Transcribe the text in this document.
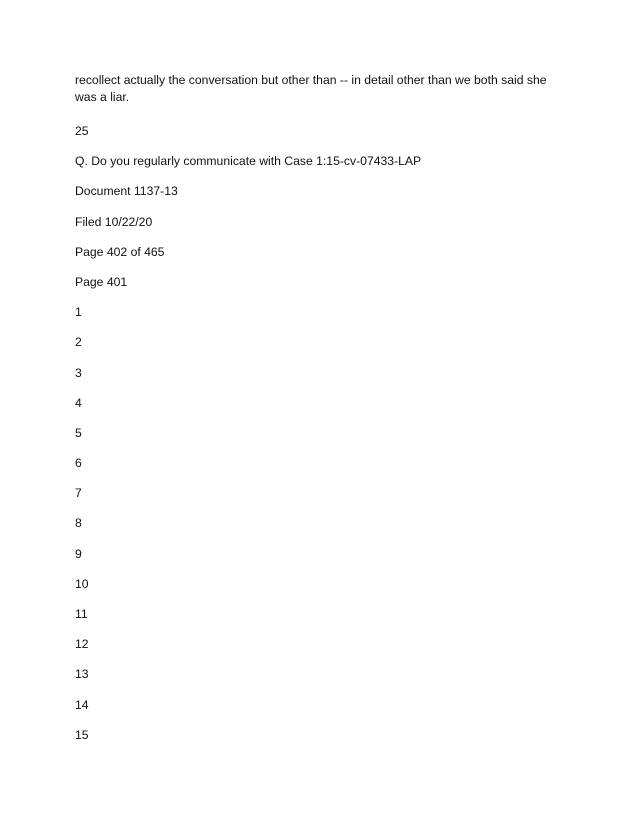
recollect actually the conversation but other than -- in detail other than we both said she was a liar.

25

Q. Do you regularly communicate with Case 1:15-cv-07433-LAP

Document 1137-13

Filed 10/22/20

Page 402 of 465

Page 401

1

2

3

4

5

6

7

8

9

10

11

12

13

14

15
